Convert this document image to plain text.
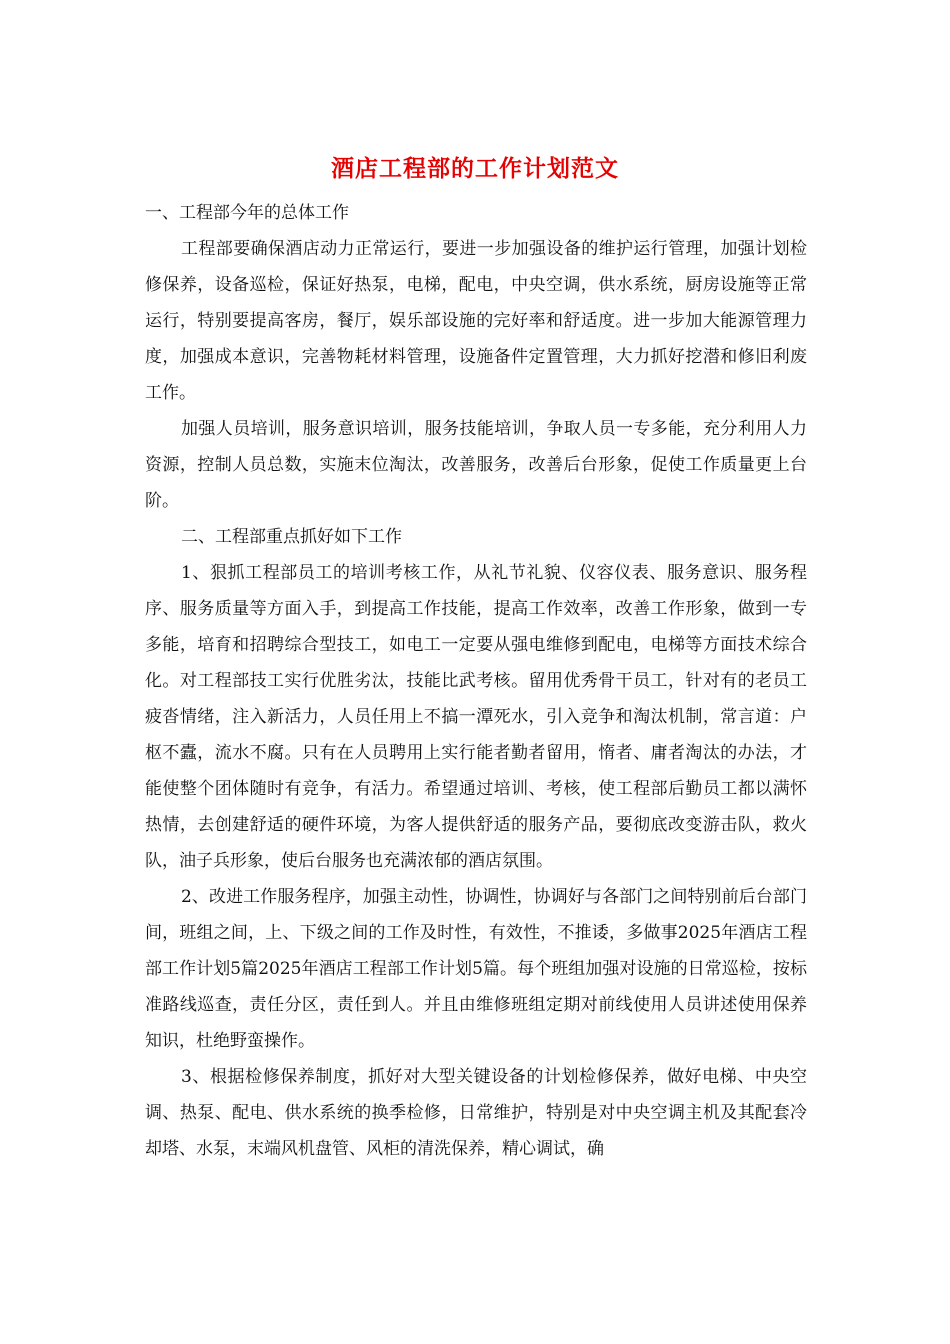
酒店工程部的工作计划范文

一、工程部今年的总体工作

工程部要确保酒店动力正常运行，要进一步加强设备的维护运行管理，加强计划检修保养，设备巡检，保证好热泵，电梯，配电，中央空调，供水系统，厨房设施等正常运行，特别要提高客房，餐厅，娱乐部设施的完好率和舒适度。进一步加大能源管理力度，加强成本意识，完善物耗材料管理，设施备件定置管理，大力抓好挖潜和修旧利废工作。

加强人员培训，服务意识培训，服务技能培训，争取人员一专多能，充分利用人力资源，控制人员总数，实施末位淘汰，改善服务，改善后台形象，促使工作质量更上台阶。

二、工程部重点抓好如下工作

1、狠抓工程部员工的培训考核工作，从礼节礼貌、仪容仪表、服务意识、服务程序、服务质量等方面入手，到提高工作技能，提高工作效率，改善工作形象，做到一专多能，培育和招聘综合型技工，如电工一定要从强电维修到配电，电梯等方面技术综合化。对工程部技工实行优胜劣汰，技能比武考核。留用优秀骨干员工，针对有的老员工疲沓情绪，注入新活力，人员任用上不搞一潭死水，引入竞争和淘汰机制，常言道：户枢不蠹，流水不腐。只有在人员聘用上实行能者勤者留用，惰者、庸者淘汰的办法，才能使整个团体随时有竞争，有活力。希望通过培训、考核，使工程部后勤员工都以满怀热情，去创建舒适的硬件环境，为客人提供舒适的服务产品，要彻底改变游击队，救火队，油子兵形象，使后台服务也充满浓郁的酒店氛围。

2、改进工作服务程序，加强主动性，协调性，协调好与各部门之间特别前后台部门间，班组之间，上、下级之间的工作及时性，有效性，不推诿，多做事2025年酒店工程部工作计划5篇2025年酒店工程部工作计划5篇。每个班组加强对设施的日常巡检，按标准路线巡查，责任分区，责任到人。并且由维修班组定期对前线使用人员讲述使用保养知识，杜绝野蛮操作。

3、根据检修保养制度，抓好对大型关键设备的计划检修保养，做好电梯、中央空调、热泵、配电、供水系统的换季检修，日常维护，特别是对中央空调主机及其配套冷却塔、水泵，末端风机盘管、风柜的清洗保养，精心调试，确
